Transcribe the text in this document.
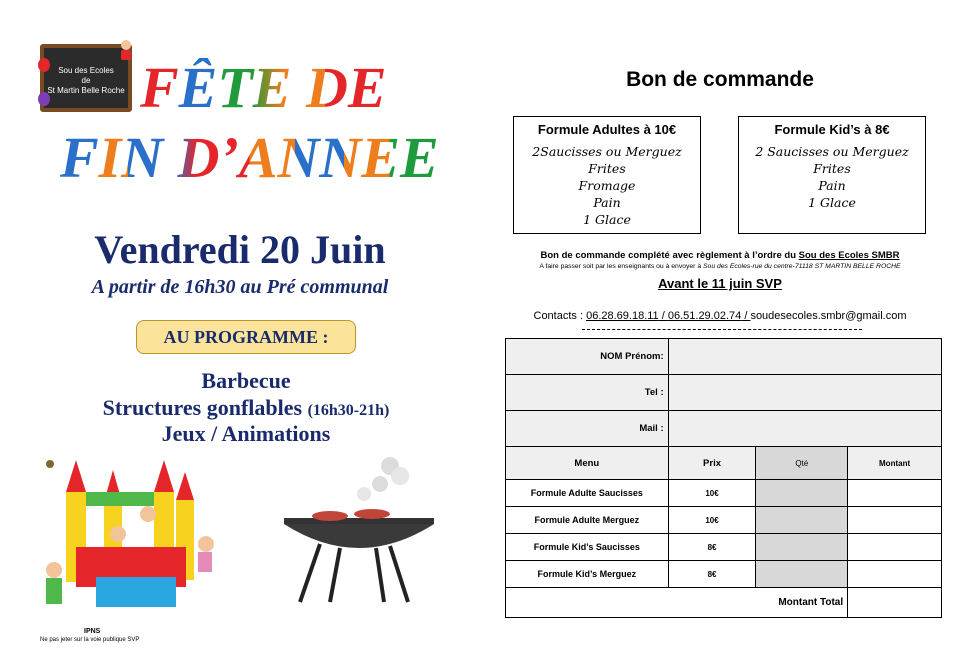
Sou des Ecoles
de
St Martin Belle Roche FÊTE DE
FIN D’ANNEE
Vendredi 20 Juin
A partir de 16h30 au Pré communal
AU PROGRAMME :
Barbecue
Structures gonflables (16h30-21h)
Jeux / Animations
IPNS
Ne pas jeter sur la voie publique SVP
Bon de commande
Formule Adultes à 10€
2Saucisses ou Merguez
Frites
Fromage
Pain
1 Glace
Formule Kid’s à 8€
2 Saucisses ou Merguez
Frites
Pain
1 Glace
Bon de commande complété avec règlement à l’ordre du Sou des Ecoles SMBR
A faire passer soit par les enseignants ou à envoyer à Sou des Ecoles-rue du centre-71118 ST MARTIN BELLE ROCHE
Avant le 11 juin SVP
Contacts : 06.28.69.18.11 / 06.51.29.02.74 / soudesecoles.smbr@gmail.com
NOM Prénom:			
Tel :			
Mail :			
Menu	Prix	Qté	Montant
Formule Adulte Saucisses	10€		
Formule Adulte Merguez	10€		
Formule Kid’s Saucisses	8€		
Formule Kid’s Merguez	8€		
Montant Total			
